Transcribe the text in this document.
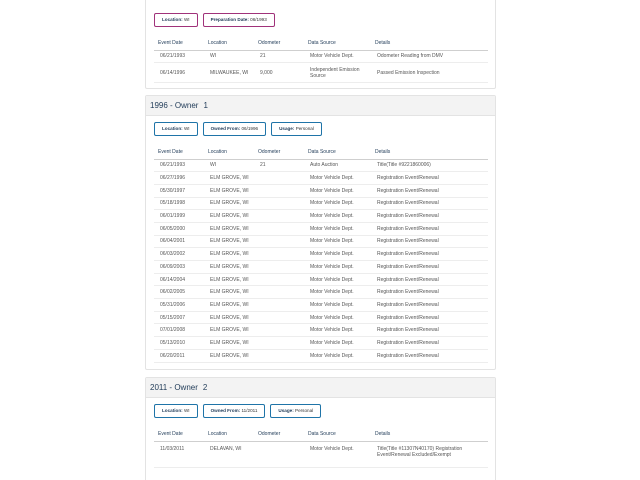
Location: WI	Preparation Date: 06/1993
Event Date	Location	Odometer	Data Source	Details
06/21/1993	WI	21	Motor Vehicle Dept.	Odometer Reading from DMV
06/14/1996	MILWAUKEE, WI	9,000	Independent Emission Source	Passed Emission Inspection
1996 - Owner 1
Location: WI	Owned From: 06/1996	Usage: Personal
Event Date	Location	Odometer	Data Source	Details
06/21/1993	WI	21	Auto Auction	Title(Title #9221860006)
06/27/1996	ELM GROVE, WI		Motor Vehicle Dept.	Registration Event/Renewal
05/30/1997	ELM GROVE, WI		Motor Vehicle Dept.	Registration Event/Renewal
05/18/1998	ELM GROVE, WI		Motor Vehicle Dept.	Registration Event/Renewal
06/01/1999	ELM GROVE, WI		Motor Vehicle Dept.	Registration Event/Renewal
06/05/2000	ELM GROVE, WI		Motor Vehicle Dept.	Registration Event/Renewal
06/04/2001	ELM GROVE, WI		Motor Vehicle Dept.	Registration Event/Renewal
06/03/2002	ELM GROVE, WI		Motor Vehicle Dept.	Registration Event/Renewal
06/09/2003	ELM GROVE, WI		Motor Vehicle Dept.	Registration Event/Renewal
06/14/2004	ELM GROVE, WI		Motor Vehicle Dept.	Registration Event/Renewal
06/02/2005	ELM GROVE, WI		Motor Vehicle Dept.	Registration Event/Renewal
05/31/2006	ELM GROVE, WI		Motor Vehicle Dept.	Registration Event/Renewal
05/15/2007	ELM GROVE, WI		Motor Vehicle Dept.	Registration Event/Renewal
07/01/2008	ELM GROVE, WI		Motor Vehicle Dept.	Registration Event/Renewal
05/13/2010	ELM GROVE, WI		Motor Vehicle Dept.	Registration Event/Renewal
06/20/2011	ELM GROVE, WI		Motor Vehicle Dept.	Registration Event/Renewal
2011 - Owner 2
Location: WI	Owned From: 11/2011	Usage: Personal
Event Date	Location	Odometer	Data Source	Details
11/03/2011	DELAVAN, WI		Motor Vehicle Dept.	Title(Title #11307N40170) Registration Event/Renewal Excluded/Exempt
